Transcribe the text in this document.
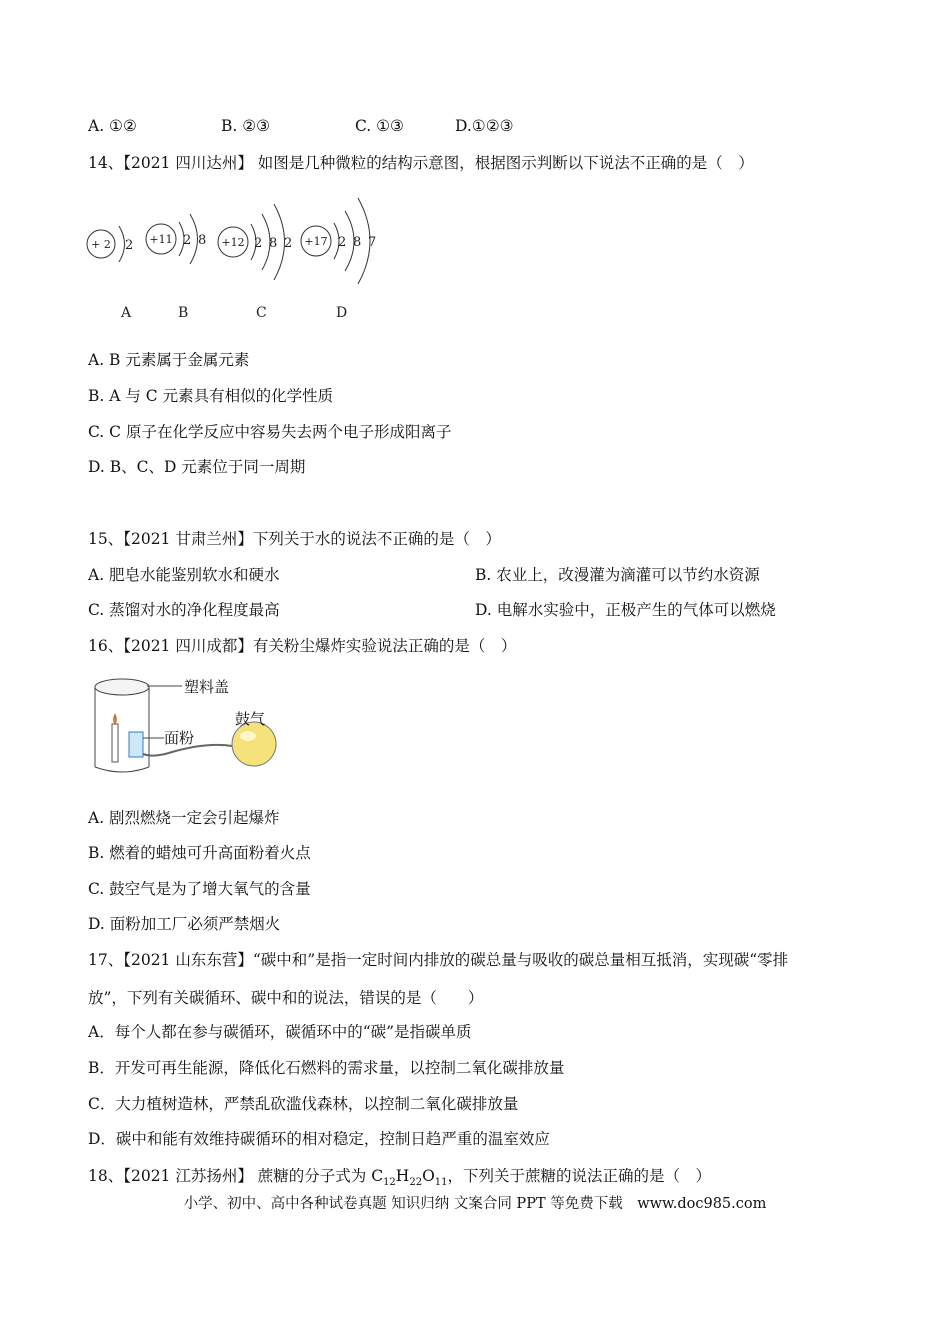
A. ①②	B. ②③	C. ①③	D.①②③
14、【2021 四川达州】 如图是几种微粒的结构示意图，根据图示判断以下说法不正确的是（　）
+ 2 2 +11 2 8 +12 2 8 2 +17 2 8 7
A	B	C	D
A. B 元素属于金属元素
B. A 与 C 元素具有相似的化学性质
C. C 原子在化学反应中容易失去两个电子形成阳离子
D. B、C、D 元素位于同一周期
15、【2021 甘肃兰州】下列关于水的说法不正确的是（　）
A. 肥皂水能鉴别软水和硬水	B. 农业上，改漫灌为滴灌可以节约水资源
C. 蒸馏对水的净化程度最高	D. 电解水实验中，正极产生的气体可以燃烧
16、【2021 四川成都】有关粉尘爆炸实验说法正确的是（　）
塑料盖
面粉
鼓气
A. 剧烈燃烧一定会引起爆炸
B. 燃着的蜡烛可升高面粉着火点
C. 鼓空气是为了增大氧气的含量
D. 面粉加工厂必须严禁烟火
17、【2021 山东东营】“碳中和”是指一定时间内排放的碳总量与吸收的碳总量相互抵消，实现碳“零排
放”，下列有关碳循环、碳中和的说法，错误的是（　　）
A．每个人都在参与碳循环，碳循环中的“碳”是指碳单质
B．开发可再生能源，降低化石燃料的需求量，以控制二氧化碳排放量
C．大力植树造林，严禁乱砍滥伐森林，以控制二氧化碳排放量
D．碳中和能有效维持碳循环的相对稳定，控制日趋严重的温室效应
18、【2021 江苏扬州】 蔗糖的分子式为 $C_{12}H_{22}O_{11}$，下列关于蔗糖的说法正确的是（　）
小学、初中、高中各种试卷真题 知识归纳 文案合同 PPT 等免费下载　www.doc985.com
